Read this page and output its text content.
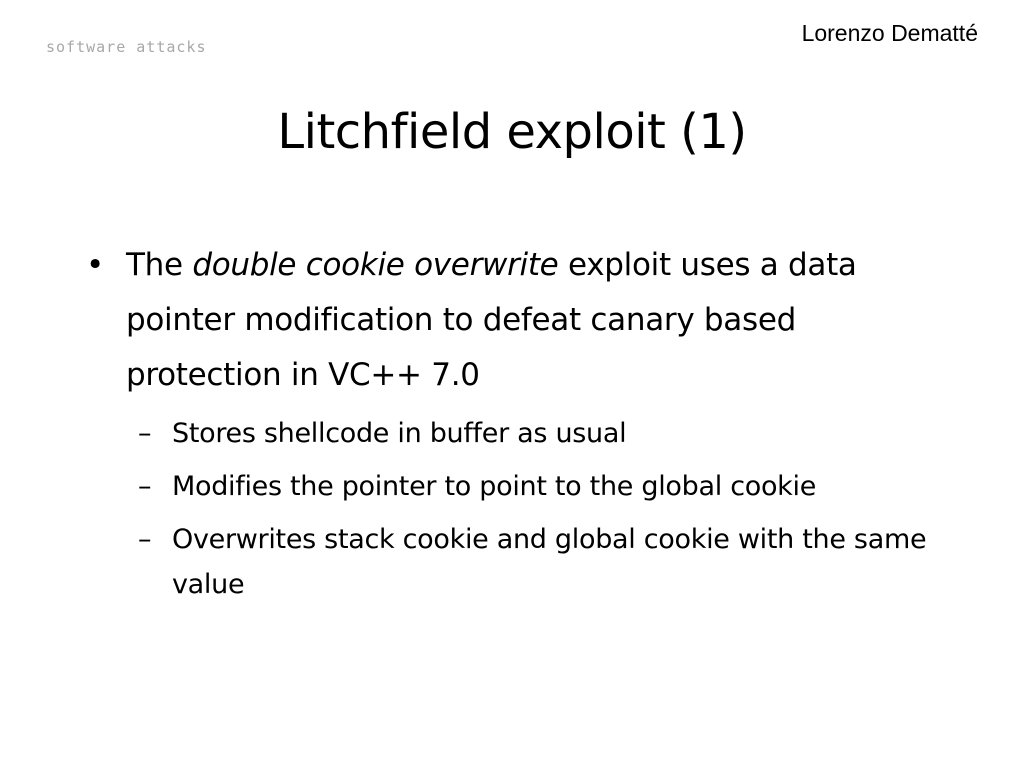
software attacks
Lorenzo Dematté
Litchfield exploit (1)
• The double cookie overwrite exploit uses a data pointer modification to defeat canary based protection in VC++ 7.0
– Stores shellcode in buffer as usual
– Modifies the pointer to point to the global cookie
– Overwrites stack cookie and global cookie with the same value
